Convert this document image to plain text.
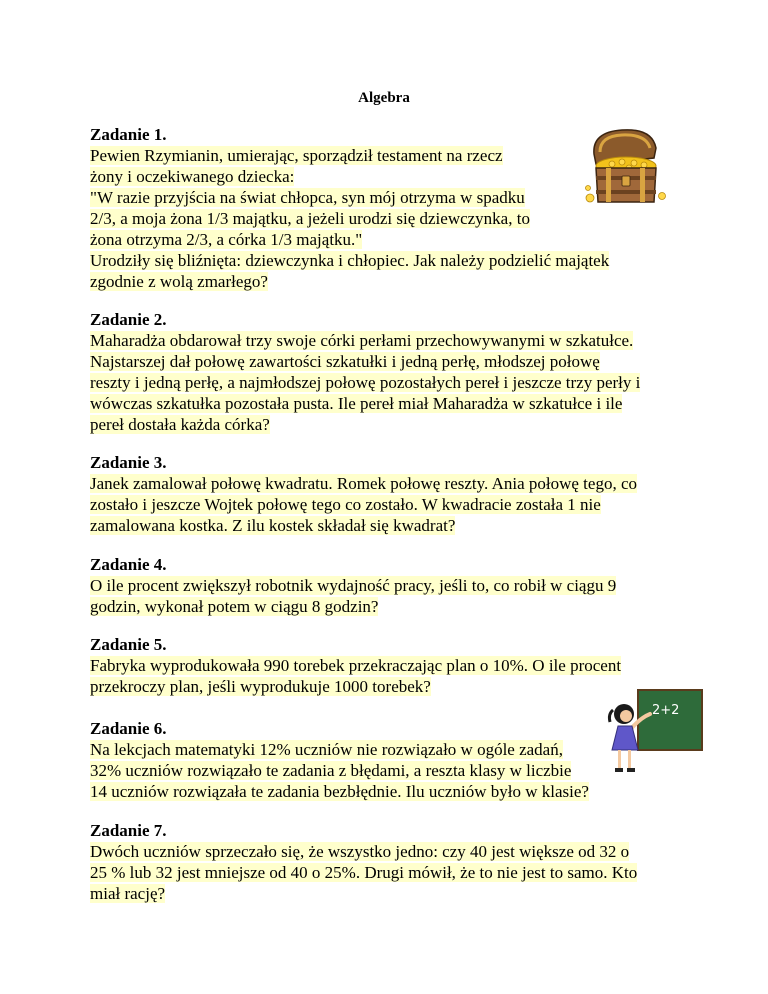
Algebra
Zadanie 1.
Pewien Rzymianin, umierając, sporządził testament na rzecz
żony i oczekiwanego dziecka:
"W razie przyjścia na świat chłopca, syn mój otrzyma w spadku
2/3, a moja żona 1/3 majątku, a jeżeli urodzi się dziewczynka, to
żona otrzyma 2/3, a córka 1/3 majątku."
Urodziły się bliźnięta: dziewczynka i chłopiec. Jak należy podzielić majątek
zgodnie z wolą zmarłego?
Zadanie 2.
Maharadża obdarował trzy swoje córki perłami przechowywanymi w szkatułce.
Najstarszej dał połowę zawartości szkatułki i jedną perłę, młodszej połowę
reszty i jedną perłę, a najmłodszej połowę pozostałych pereł i jeszcze trzy perły i
wówczas szkatułka pozostała pusta. Ile pereł miał Maharadża w szkatułce i ile
pereł dostała każda córka?
Zadanie 3.
Janek zamalował połowę kwadratu. Romek połowę reszty. Ania połowę tego, co
zostało i jeszcze Wojtek połowę tego co zostało. W kwadracie została 1 nie
zamalowana kostka. Z ilu kostek składał się kwadrat?
Zadanie 4.
O ile procent zwiększył robotnik wydajność pracy, jeśli to, co robił w ciągu 9
godzin, wykonał potem w ciągu 8 godzin?
Zadanie 5.
Fabryka wyprodukowała 990 torebek przekraczając plan o 10%. O ile procent
przekroczy plan, jeśli wyprodukuje 1000 torebek?
Zadanie 6.
Na lekcjach matematyki 12% uczniów nie rozwiązało w ogóle zadań,
32% uczniów rozwiązało te zadania z błędami, a reszta klasy w liczbie
14 uczniów rozwiązała te zadania bezbłędnie. Ilu uczniów było w klasie?
Zadanie 7.
Dwóch uczniów sprzeczało się, że wszystko jedno: czy 40 jest większe od 32 o
25 % lub 32 jest mniejsze od 40 o 25%. Drugi mówił, że to nie jest to samo. Kto
miał rację?
2+2
